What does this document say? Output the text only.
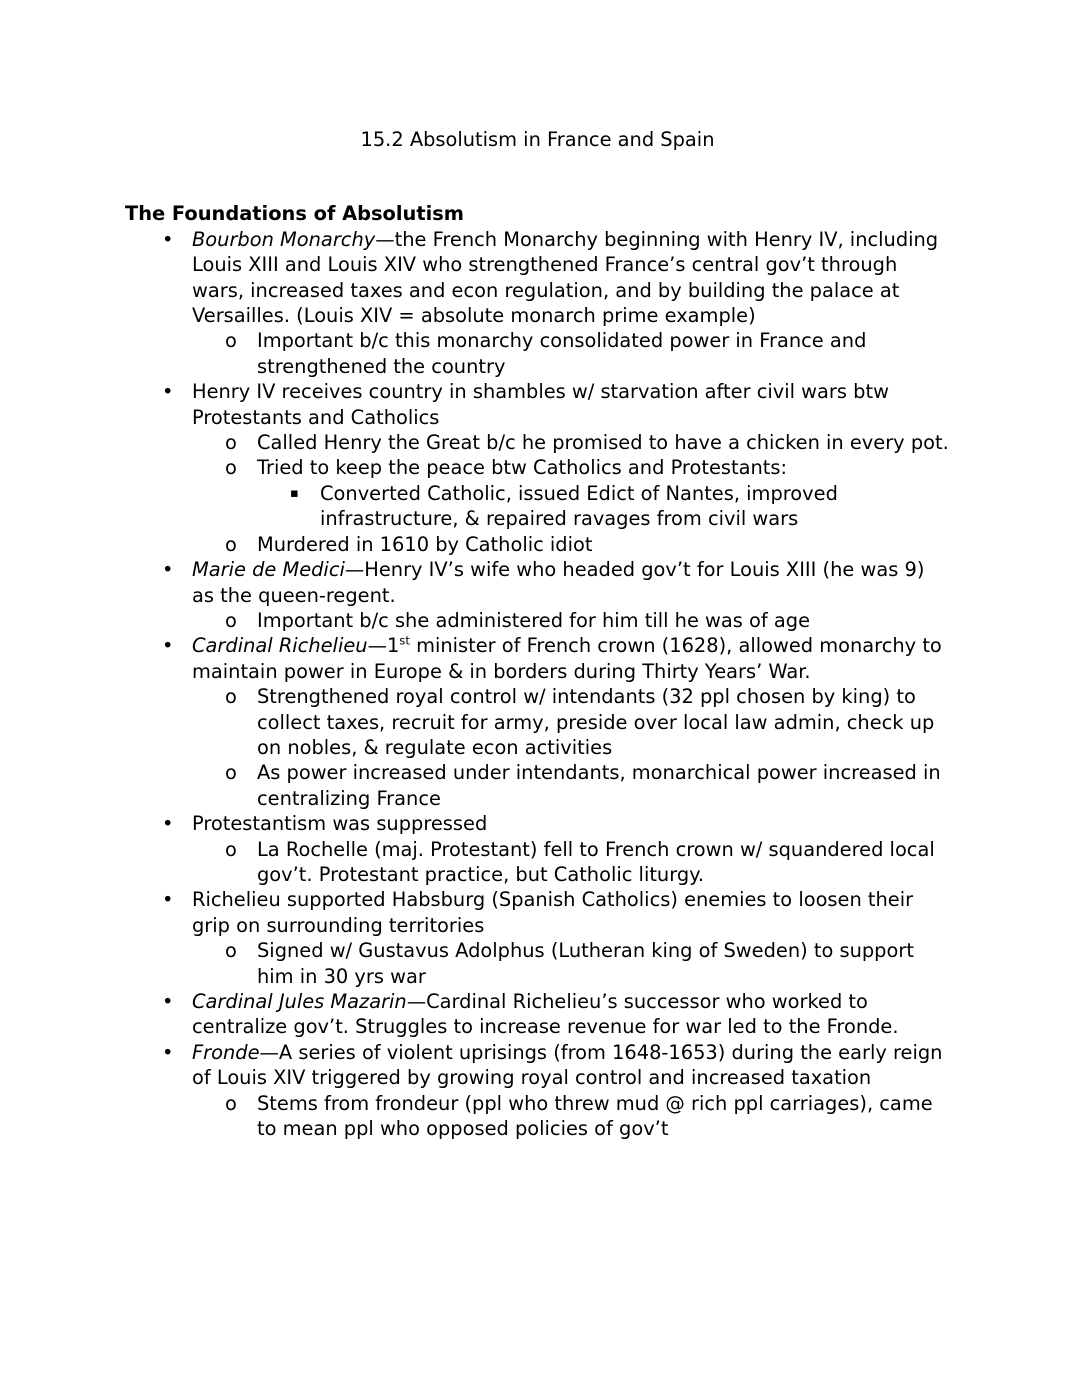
15.2 Absolutism in France and Spain
The Foundations of Absolutism
• Bourbon Monarchy—the French Monarchy beginning with Henry IV, including Louis XIII and Louis XIV who strengthened France’s central gov’t through wars, increased taxes and econ regulation, and by building the palace at Versailles. (Louis XIV = absolute monarch prime example)
o	Important b/c this monarchy consolidated power in France and strengthened the country
• Henry IV receives country in shambles w/ starvation after civil wars btw Protestants and Catholics
o	Called Henry the Great b/c he promised to have a chicken in every pot.
o	Tried to keep the peace btw Catholics and Protestants:
▪	Converted Catholic, issued Edict of Nantes, improved infrastructure, & repaired ravages from civil wars
o	Murdered in 1610 by Catholic idiot
• Marie de Medici—Henry IV’s wife who headed gov’t for Louis XIII (he was 9) as the queen-regent.
o	Important b/c she administered for him till he was of age
• Cardinal Richelieu—1st minister of French crown (1628), allowed monarchy to maintain power in Europe & in borders during Thirty Years’ War.
o	Strengthened royal control w/ intendants (32 ppl chosen by king) to collect taxes, recruit for army, preside over local law admin, check up on nobles, & regulate econ activities
o	As power increased under intendants, monarchical power increased in centralizing France
• Protestantism was suppressed
o	La Rochelle (maj. Protestant) fell to French crown w/ squandered local gov’t. Protestant practice, but Catholic liturgy.
• Richelieu supported Habsburg (Spanish Catholics) enemies to loosen their grip on surrounding territories
o	Signed w/ Gustavus Adolphus (Lutheran king of Sweden) to support him in 30 yrs war
• Cardinal Jules Mazarin—Cardinal Richelieu’s successor who worked to centralize gov’t. Struggles to increase revenue for war led to the Fronde.
• Fronde—A series of violent uprisings (from 1648-1653) during the early reign of Louis XIV triggered by growing royal control and increased taxation
o	Stems from frondeur (ppl who threw mud @ rich ppl carriages), came to mean ppl who opposed policies of gov’t
